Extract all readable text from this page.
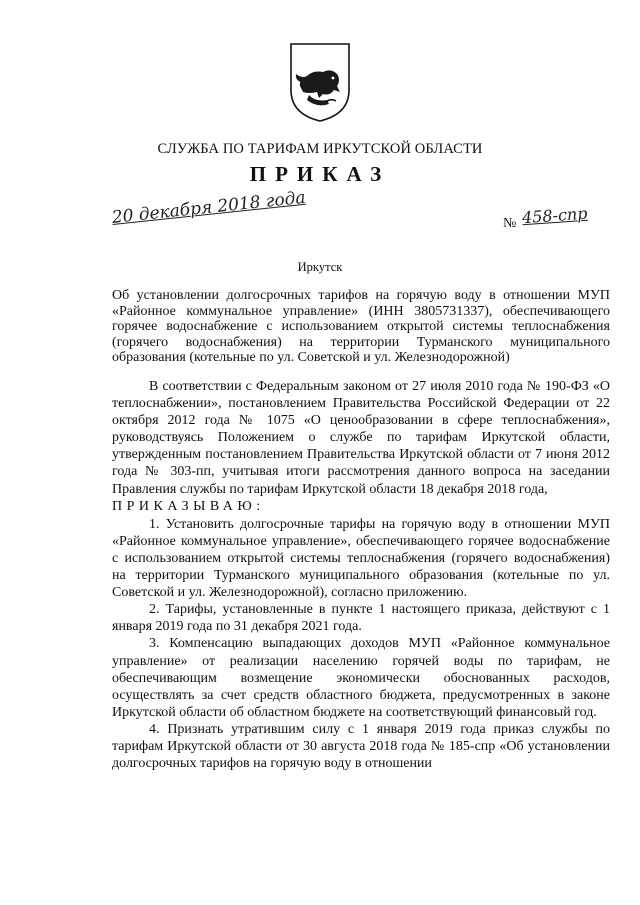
СЛУЖБА ПО ТАРИФАМ ИРКУТСКОЙ ОБЛАСТИ
ПРИКАЗ
20 декабря 2018 года	№ 458-спр
Иркутск
Об установлении долгосрочных тарифов на горячую воду в отношении МУП «Районное коммунальное управление» (ИНН 3805731337), обеспечивающего горячее водоснабжение с использованием открытой системы теплоснабжения (горячего водоснабжения) на территории Турманского муниципального образования (котельные по ул. Советской и ул. Железнодорожной)

В соответствии с Федеральным законом от 27 июля 2010 года № 190-ФЗ «О теплоснабжении», постановлением Правительства Российской Федерации от 22 октября 2012 года № 1075 «О ценообразовании в сфере теплоснабжения», руководствуясь Положением о службе по тарифам Иркутской области, утвержденным постановлением Правительства Иркутской области от 7 июня 2012 года № 303-пп, учитывая итоги рассмотрения данного вопроса на заседании Правления службы по тарифам Иркутской области 18 декабря 2018 года,

ПРИКАЗЫВАЮ:

1. Установить долгосрочные тарифы на горячую воду в отношении МУП «Районное коммунальное управление», обеспечивающего горячее водоснабжение с использованием открытой системы теплоснабжения (горячего водоснабжения) на территории Турманского муниципального образования (котельные по ул. Советской и ул. Железнодорожной), согласно приложению.

2. Тарифы, установленные в пункте 1 настоящего приказа, действуют с 1 января 2019 года по 31 декабря 2021 года.

3. Компенсацию выпадающих доходов МУП «Районное коммунальное управление» от реализации населению горячей воды по тарифам, не обеспечивающим возмещение экономически обоснованных расходов, осуществлять за счет средств областного бюджета, предусмотренных в законе Иркутской области об областном бюджете на соответствующий финансовый год.

4. Признать утратившим силу с 1 января 2019 года приказ службы по тарифам Иркутской области от 30 августа 2018 года № 185-спр «Об установлении долгосрочных тарифов на горячую воду в отношении
